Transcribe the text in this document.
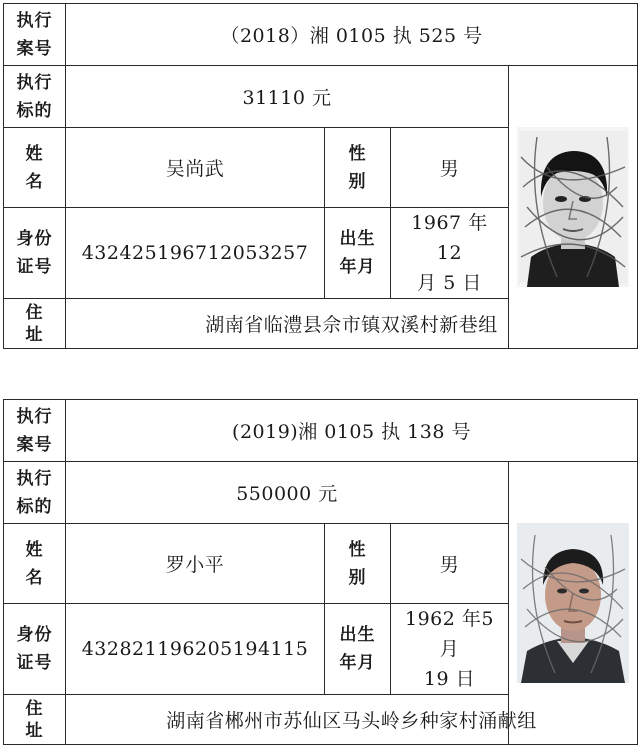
执行
案号	（2018）湘 0105 执 525 号			

执行
标的	31110 元	

姓
名	吴尚武	性
别	男	

身份
证号	432425196712053257	出生
年月	1967 年 12
月 5 日	

住
址	湖南省临澧县佘市镇双溪村新巷组			
执行
案号	(2019)湘 0105 执 138 号			

执行
标的	550000 元	

姓
名	罗小平	性
别	男	

身份
证号	432821196205194115	出生
年月	1962 年5月
19 日	

住
址	湖南省郴州市苏仙区马头岭乡种家村涌献组			
